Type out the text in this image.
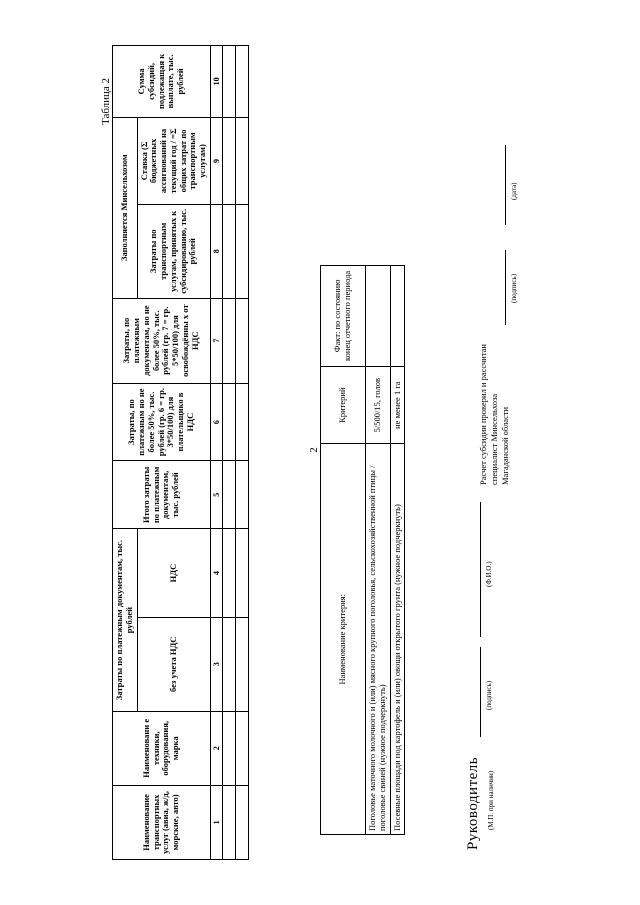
2
Таблица 2
Наименование транспортных услуг (авиа, ж/д, морские, авто)	Наименовани е техники, оборудования, марка	Затраты по платежным документам, тыс. рублей		Итого затраты по платежным документам, тыс. рублей	Затраты, по платежным но не более 50%, тыс. рублей (гр. 6 = гр. 3*50/100) для плательщико в НДС	Затраты, по платежным документам, но не более 50%, тыс. рублей (гр. 7 = гр. 5*50/100) для освобождённы х от НДС	Заполняется Минсельхозом		Сумма субсидий, подлежащая к выплате, тыс. рублей
		без учета НДС	НДС				Затраты по транспортным услугам, принятых к субсидированию, тыс. рублей	Ставка (Σ бюджетных ассигнований на текущий год / =Σ общих затрат по транспортным услугам)	
1	2	3	4	5	6	7	8	9	10

Наименование критерия:	Критерий	Факт: по состоянию конец отчетного периода
Поголовье маточного молочного и (или) мясного крупного поголовья, сельскохозяйственной птицы / поголовье свиней (нужное подчеркнуть)	5/500/15, голов	
Посевные площади под картофель и (или) овощи открытого грунта (нужное подчеркнуть)	не менее 1 га	
Руководитель (М.П. при наличии)
(подпись)
(Ф.И.О.)
Расчет субсидии проверил и рассчитан специалист Минсельхоза Магаданской области
(подпись)
(дата)
